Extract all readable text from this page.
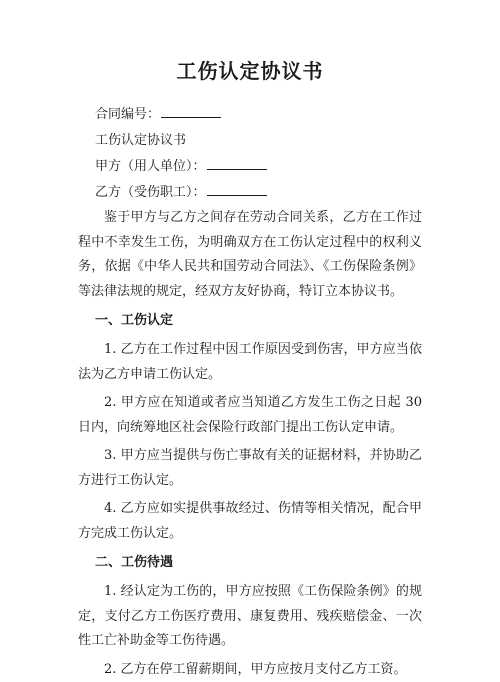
工伤认定协议书
合同编号：
工伤认定协议书
甲方（用人单位）：
乙方（受伤职工）：

鉴于甲方与乙方之间存在劳动合同关系，乙方在工作过程中不幸发生工伤，为明确双方在工伤认定过程中的权利义务，依据《中华人民共和国劳动合同法》、《工伤保险条例》等法律法规的规定，经双方友好协商，特订立本协议书。

一、工伤认定

1. 乙方在工作过程中因工作原因受到伤害，甲方应当依法为乙方申请工伤认定。

2. 甲方应在知道或者应当知道乙方发生工伤之日起 30 日内，向统筹地区社会保险行政部门提出工伤认定申请。

3. 甲方应当提供与伤亡事故有关的证据材料，并协助乙方进行工伤认定。

4. 乙方应如实提供事故经过、伤情等相关情况，配合甲方完成工伤认定。

二、工伤待遇

1. 经认定为工伤的，甲方应按照《工伤保险条例》的规定，支付乙方工伤医疗费用、康复费用、残疾赔偿金、一次性工亡补助金等工伤待遇。

2. 乙方在停工留薪期间，甲方应按月支付乙方工资。
